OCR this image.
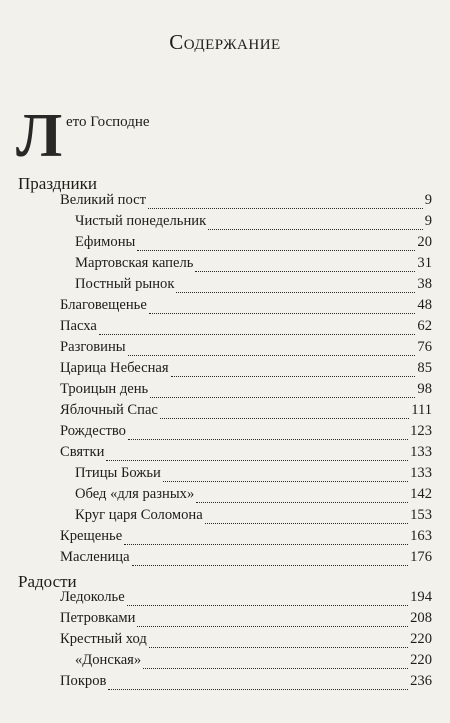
Содержание
Л ето Господне
Праздники
Великий пост	9
Чистый понедельник	9
Ефимоны	20
Мартовская капель	31
Постный рынок	38
Благовещенье	48
Пасха	62
Разговины	76
Царица Небесная	85
Троицын день	98
Яблочный Спас	111
Рождество	123
Святки	133
Птицы Божьи	133
Обед «для разных»	142
Круг царя Соломона	153
Крещенье	163
Масленица	176
Радости
Ледокольe	194
Петровками	208
Крестный ход	220
«Донская»	220
Покров	236
